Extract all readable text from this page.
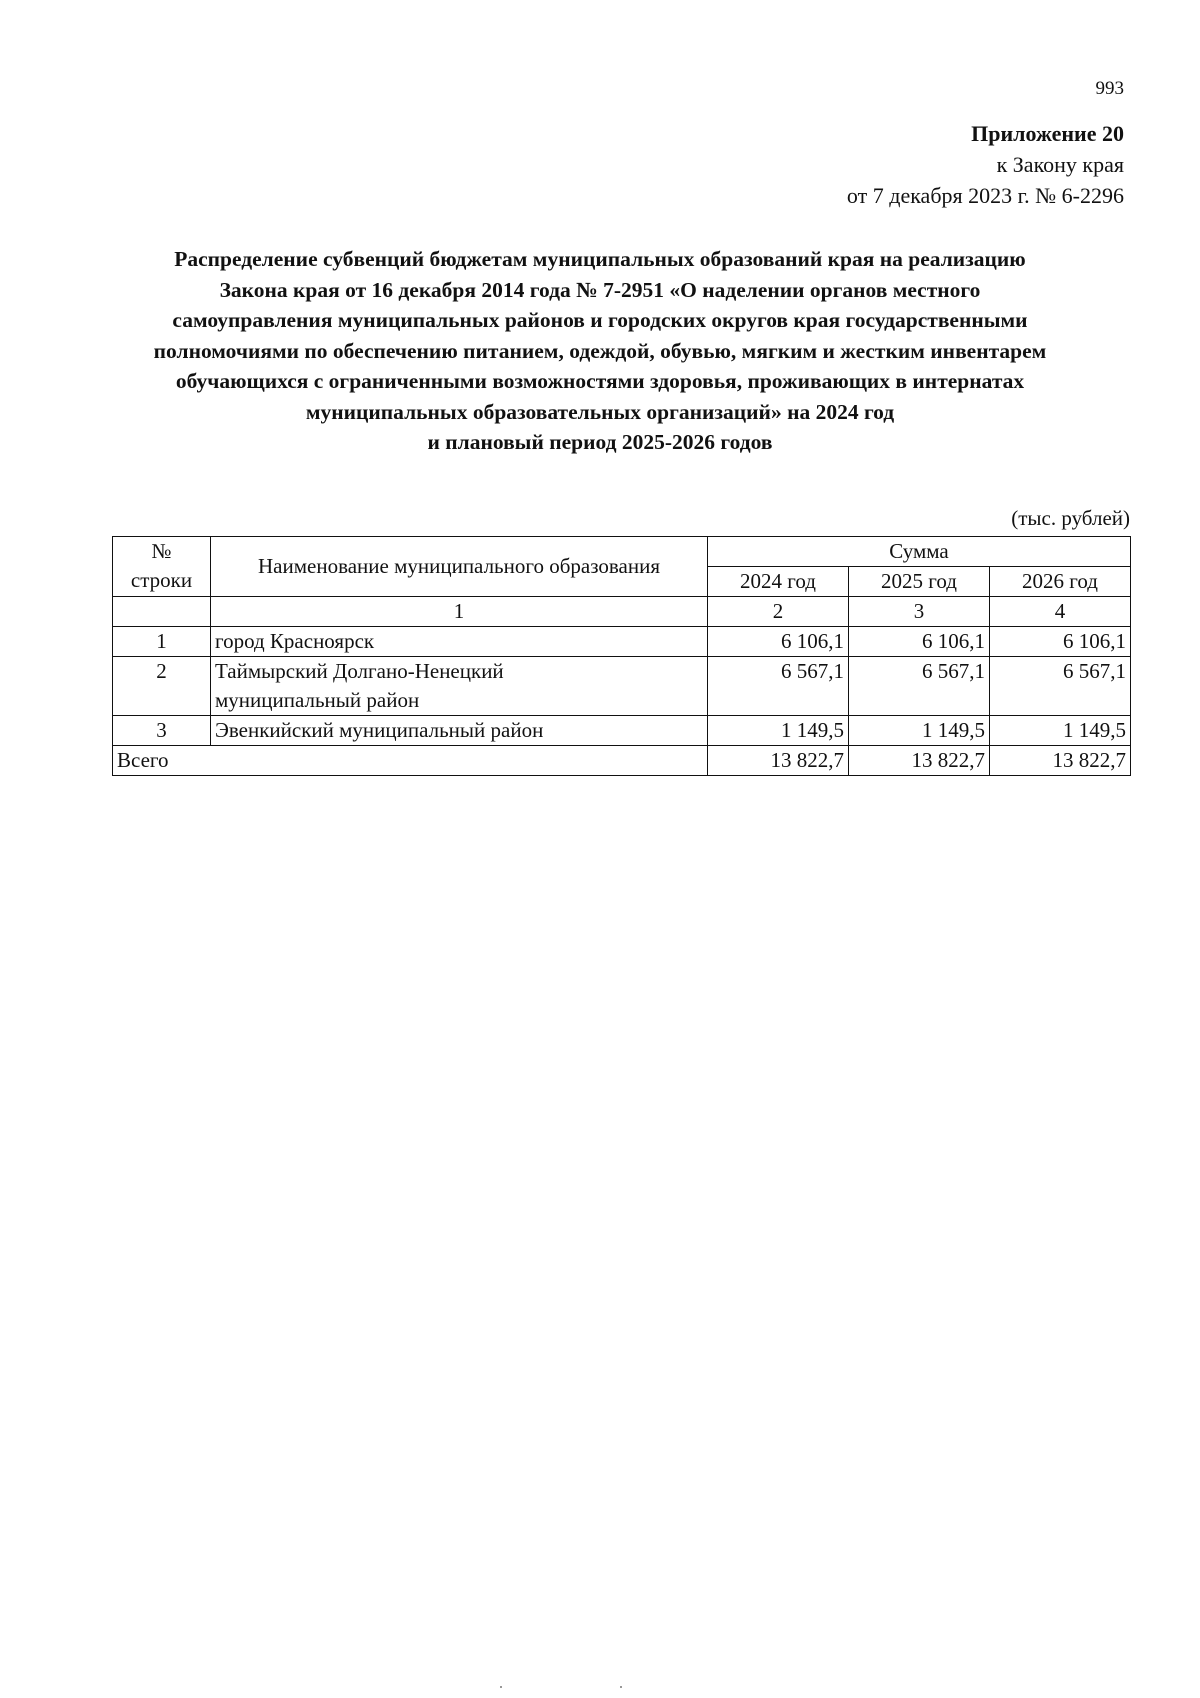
993
Приложение 20
к Закону края
от 7 декабря 2023 г. № 6-2296
Распределение субвенций бюджетам муниципальных образований края на реализацию
Закона края от 16 декабря 2014 года № 7-2951 «О наделении органов местного
самоуправления муниципальных районов и городских округов края государственными
полномочиями по обеспечению питанием, одеждой, обувью, мягким и жестким инвентарем
обучающихся с ограниченными возможностями здоровья, проживающих в интернатах
муниципальных образовательных организаций» на 2024 год
и плановый период 2025-2026 годов
(тыс. рублей)
№
строки	Наименование муниципального образования	Сумма		
		2024 год	2025 год	2026 год
	1	2	3	4
1	город Красноярск	6 106,1	6 106,1	6 106,1
2	Таймырский Долгано-Ненецкий
муниципальный район	6 567,1	6 567,1	6 567,1
3	Эвенкийский муниципальный район	1 149,5	1 149,5	1 149,5
Всего		13 822,7	13 822,7	13 822,7
